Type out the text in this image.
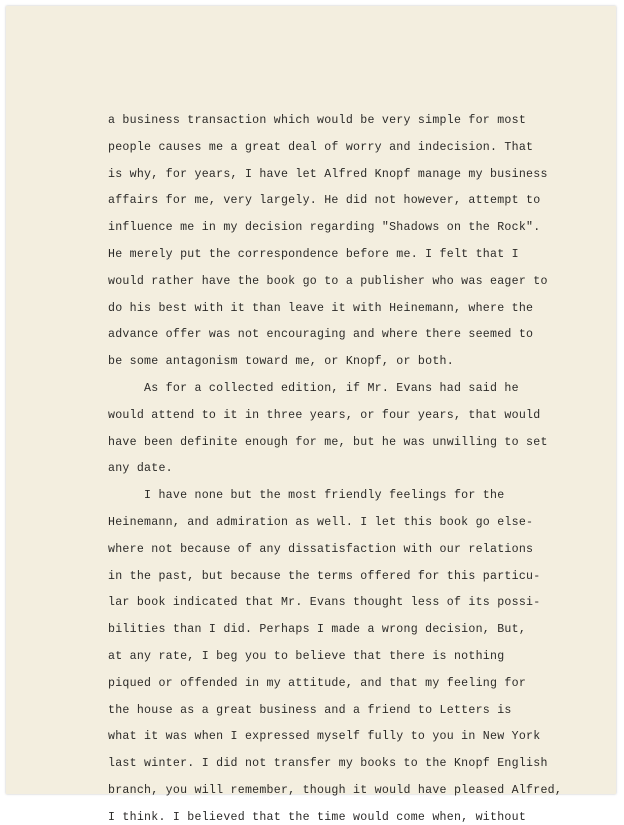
a business transaction which would be very simple for most
people causes me a great deal of worry and indecision. That
is why, for years, I have let Alfred Knopf manage my business
affairs for me, very largely. He did not however, attempt to
influence me in my decision regarding "Shadows on the Rock".
He merely put the correspondence before me. I felt that I
would rather have the book go to a publisher who was eager to
do his best with it than leave it with Heinemann, where the
advance offer was not encouraging and where there seemed to
be some antagonism toward me, or Knopf, or both.
As for a collected edition, if Mr. Evans had said he
would attend to it in three years, or four years, that would
have been definite enough for me, but he was unwilling to set
any date.
I have none but the most friendly feelings for the
Heinemann, and admiration as well. I let this book go else-
where not because of any dissatisfaction with our relations
in the past, but because the terms offered for this particu-
lar book indicated that Mr. Evans thought less of its possi-
bilities than I did. Perhaps I made a wrong decision, But,
at any rate, I beg you to believe that there is nothing
piqued or offended in my attitude, and that my feeling for
the house as a great business and a friend to Letters is
what it was when I expressed myself fully to you in New York
last winter. I did not transfer my books to the Knopf English
branch, you will remember, though it would have pleased Alfred,
I think. I believed that the time would come when, without
